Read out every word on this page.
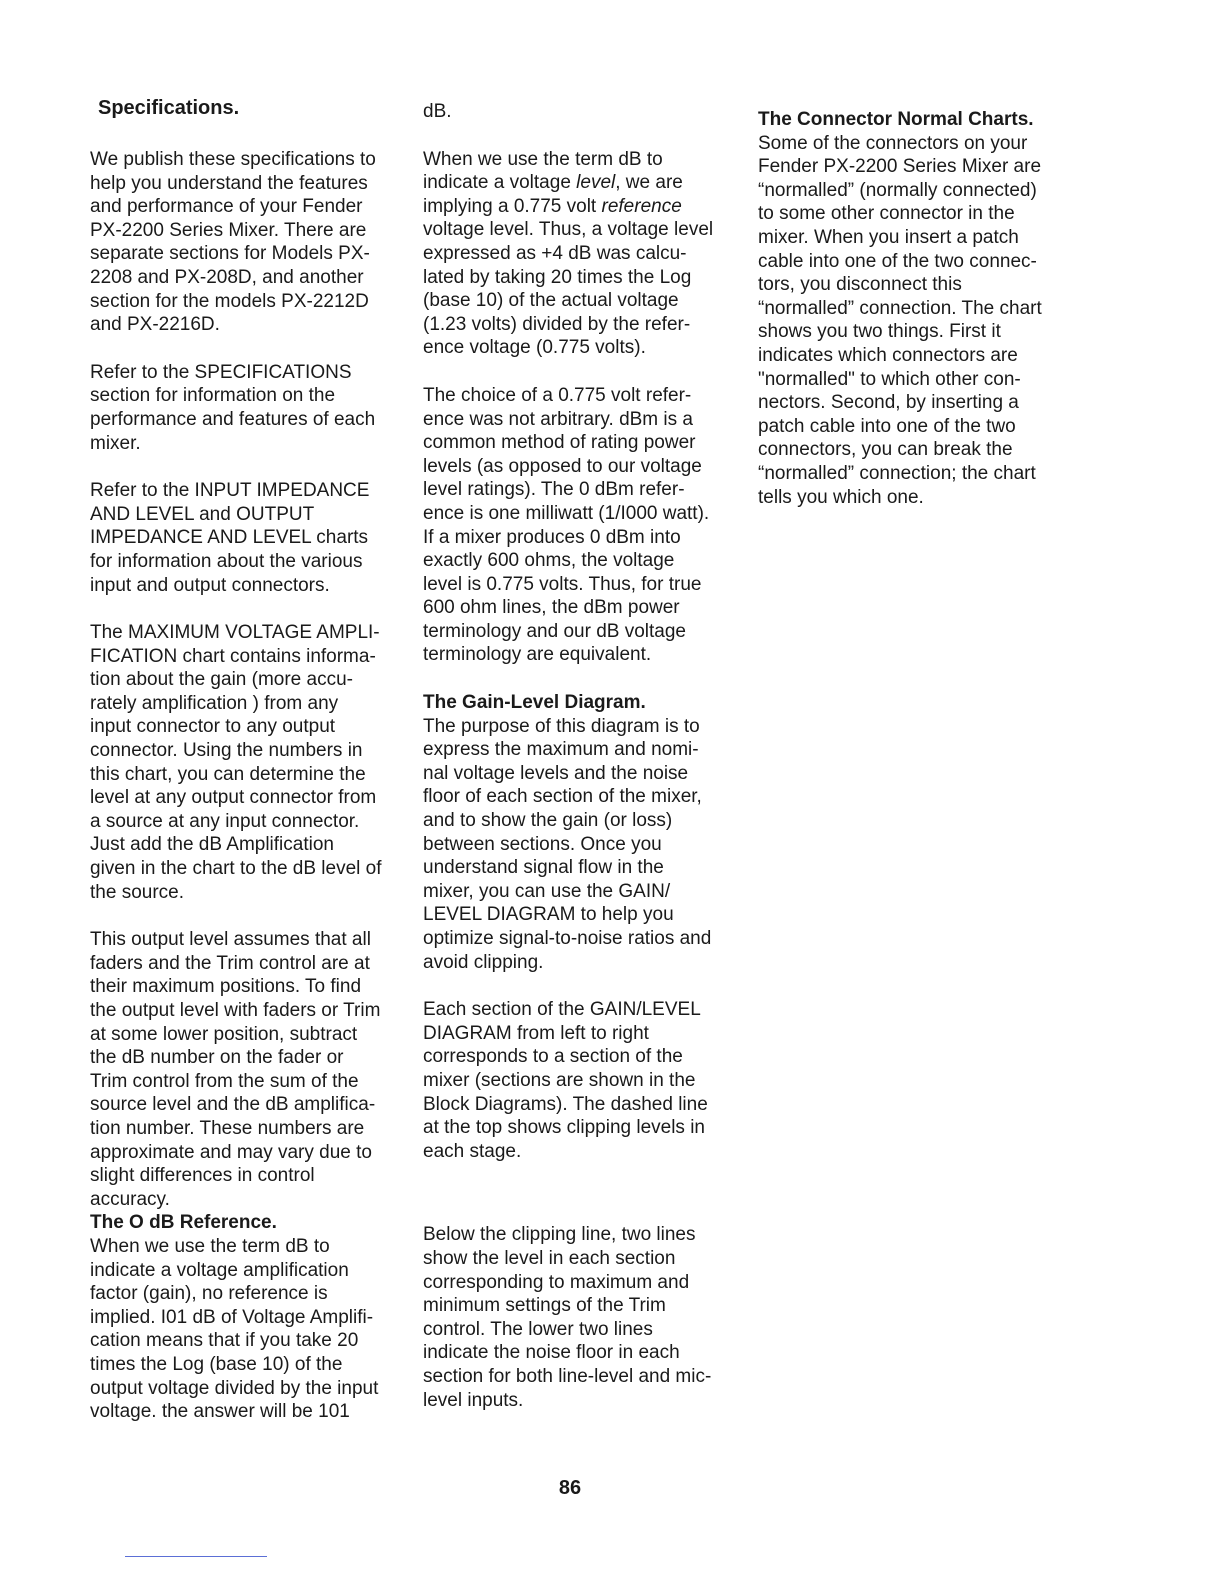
Specifications.

We publish these specifications to
help you understand the features
and performance of your Fender
PX-2200 Series Mixer. There are
separate sections for Models PX-
2208 and PX-208D, and another
section for the models PX-2212D
and PX-2216D.

Refer to the SPECIFICATIONS
section for information on the
performance and features of each
mixer.

Refer to the INPUT IMPEDANCE
AND LEVEL and OUTPUT
IMPEDANCE AND LEVEL charts
for information about the various
input and output connectors.

The MAXIMUM VOLTAGE AMPLI-
FICATION chart contains informa-
tion about the gain (more accu-
rately amplification ) from any
input connector to any output
connector. Using the numbers in
this chart, you can determine the
level at any output connector from
a source at any input connector.
Just add the dB Amplification
given in the chart to the dB level of
the source.

This output level assumes that all
faders and the Trim control are at
their maximum positions. To find
the output level with faders or Trim
at some lower position, subtract
the dB number on the fader or
Trim control from the sum of the
source level and the dB amplifica-
tion number. These numbers are
approximate and may vary due to
slight differences in control
accuracy.

The O dB Reference.

When we use the term dB to
indicate a voltage amplification
factor (gain), no reference is
implied. I01 dB of Voltage Amplifi-
cation means that if you take 20
times the Log (base 10) of the
output voltage divided by the input
voltage. the answer will be 101

dB.

When we use the term dB to
indicate a voltage level, we are
implying a 0.775 volt reference
voltage level. Thus, a voltage level
expressed as +4 dB was calcu-
lated by taking 20 times the Log
(base 10) of the actual voltage
(1.23 volts) divided by the refer-
ence voltage (0.775 volts).

The choice of a 0.775 volt refer-
ence was not arbitrary. dBm is a
common method of rating power
levels (as opposed to our voltage
level ratings). The 0 dBm refer-
ence is one milliwatt (1/I000 watt).
If a mixer produces 0 dBm into
exactly 600 ohms, the voltage
level is 0.775 volts. Thus, for true
600 ohm lines, the dBm power
terminology and our dB voltage
terminology are equivalent.

The Gain-Level Diagram.

The purpose of this diagram is to
express the maximum and nomi-
nal voltage levels and the noise
floor of each section of the mixer,
and to show the gain (or loss)
between sections. Once you
understand signal flow in the
mixer, you can use the GAIN/
LEVEL DIAGRAM to help you
optimize signal-to-noise ratios and
avoid clipping.

Each section of the GAIN/LEVEL
DIAGRAM from left to right
corresponds to a section of the
mixer (sections are shown in the
Block Diagrams). The dashed line
at the top shows clipping levels in
each stage.

Below the clipping line, two lines
show the level in each section
corresponding to maximum and
minimum settings of the Trim
control. The lower two lines
indicate the noise floor in each
section for both line-level and mic-
level inputs.

The Connector Normal Charts.

Some of the connectors on your
Fender PX-2200 Series Mixer are
“normalled” (normally connected)
to some other connector in the
mixer. When you insert a patch
cable into one of the two connec-
tors, you disconnect this
“normalled” connection. The chart
shows you two things. First it
indicates which connectors are
"normalled" to which other con-
nectors. Second, by inserting a
patch cable into one of the two
connectors, you can break the
“normalled” connection; the chart
tells you which one.

86
